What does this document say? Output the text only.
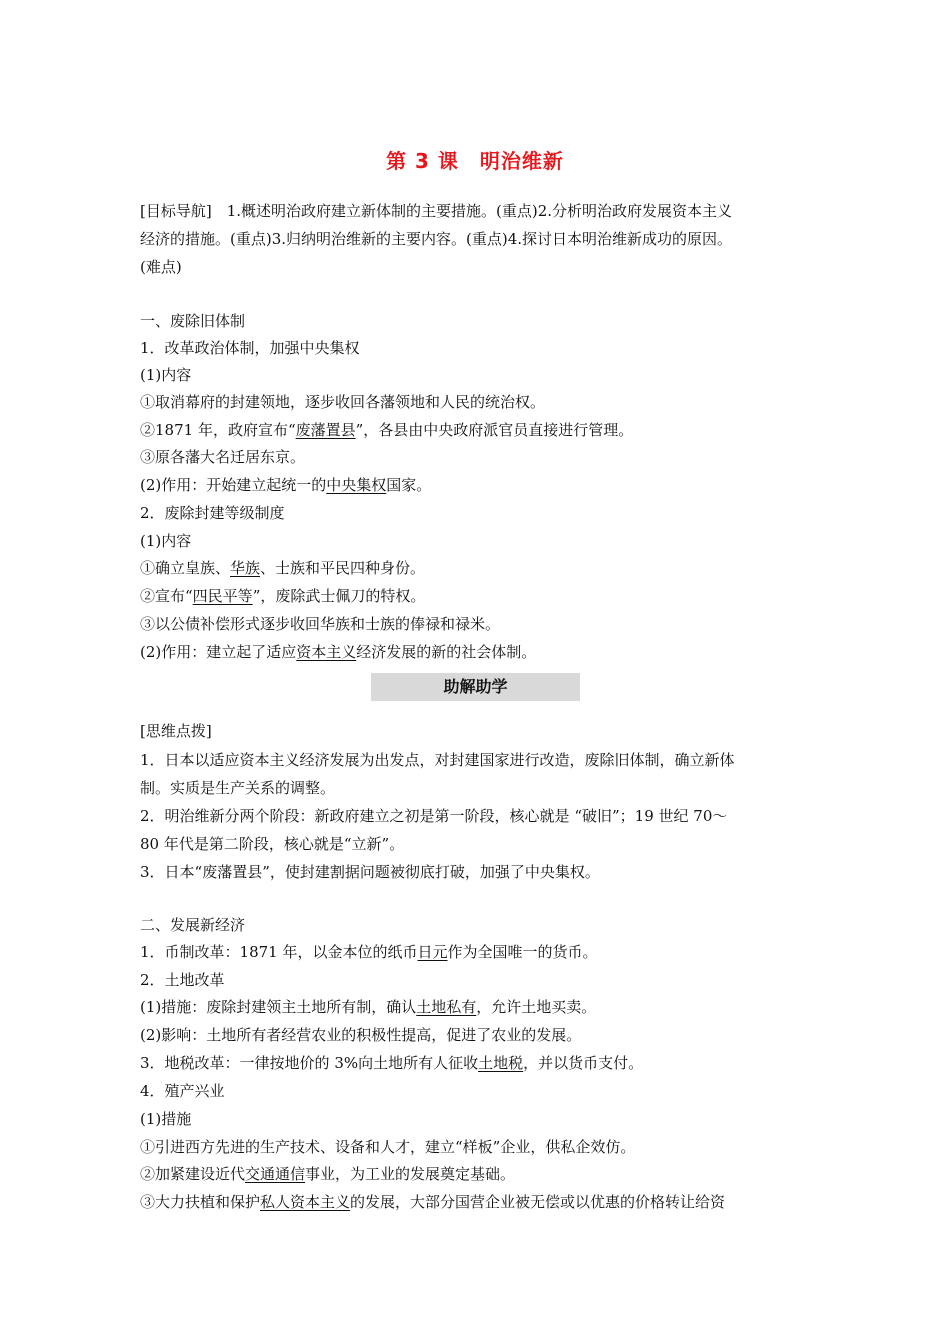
第 3 课　明治维新
[目标导航]　1.概述明治政府建立新体制的主要措施。(重点)2.分析明治政府发展资本主义
经济的措施。(重点)3.归纳明治维新的主要内容。(重点)4.探讨日本明治维新成功的原因。
(难点)
一、废除旧体制
1．改革政治体制，加强中央集权
(1)内容
①取消幕府的封建领地，逐步收回各藩领地和人民的统治权。
②1871 年，政府宣布“废藩置县”，各县由中央政府派官员直接进行管理。
③原各藩大名迁居东京。
(2)作用：开始建立起统一的中央集权国家。
2．废除封建等级制度
(1)内容
①确立皇族、华族、士族和平民四种身份。
②宣布“四民平等”，废除武士佩刀的特权。
③以公债补偿形式逐步收回华族和士族的俸禄和禄米。
(2)作用：建立起了适应资本主义经济发展的新的社会体制。
助解助学
[思维点拨]
1．日本以适应资本主义经济发展为出发点，对封建国家进行改造，废除旧体制，确立新体
制。实质是生产关系的调整。
2．明治维新分两个阶段：新政府建立之初是第一阶段，核心就是 “破旧”；19 世纪 70～
80 年代是第二阶段，核心就是“立新”。
3．日本“废藩置县”，使封建割据问题被彻底打破，加强了中央集权。
二、发展新经济
1．币制改革：1871 年，以金本位的纸币日元作为全国唯一的货币。
2．土地改革
(1)措施：废除封建领主土地所有制，确认土地私有，允许土地买卖。
(2)影响：土地所有者经营农业的积极性提高，促进了农业的发展。
3．地税改革：一律按地价的 3%向土地所有人征收土地税，并以货币支付。
4．殖产兴业
(1)措施
①引进西方先进的生产技术、设备和人才，建立“样板”企业，供私企效仿。
②加紧建设近代交通通信事业，为工业的发展奠定基础。
③大力扶植和保护私人资本主义的发展，大部分国营企业被无偿或以优惠的价格转让给资
